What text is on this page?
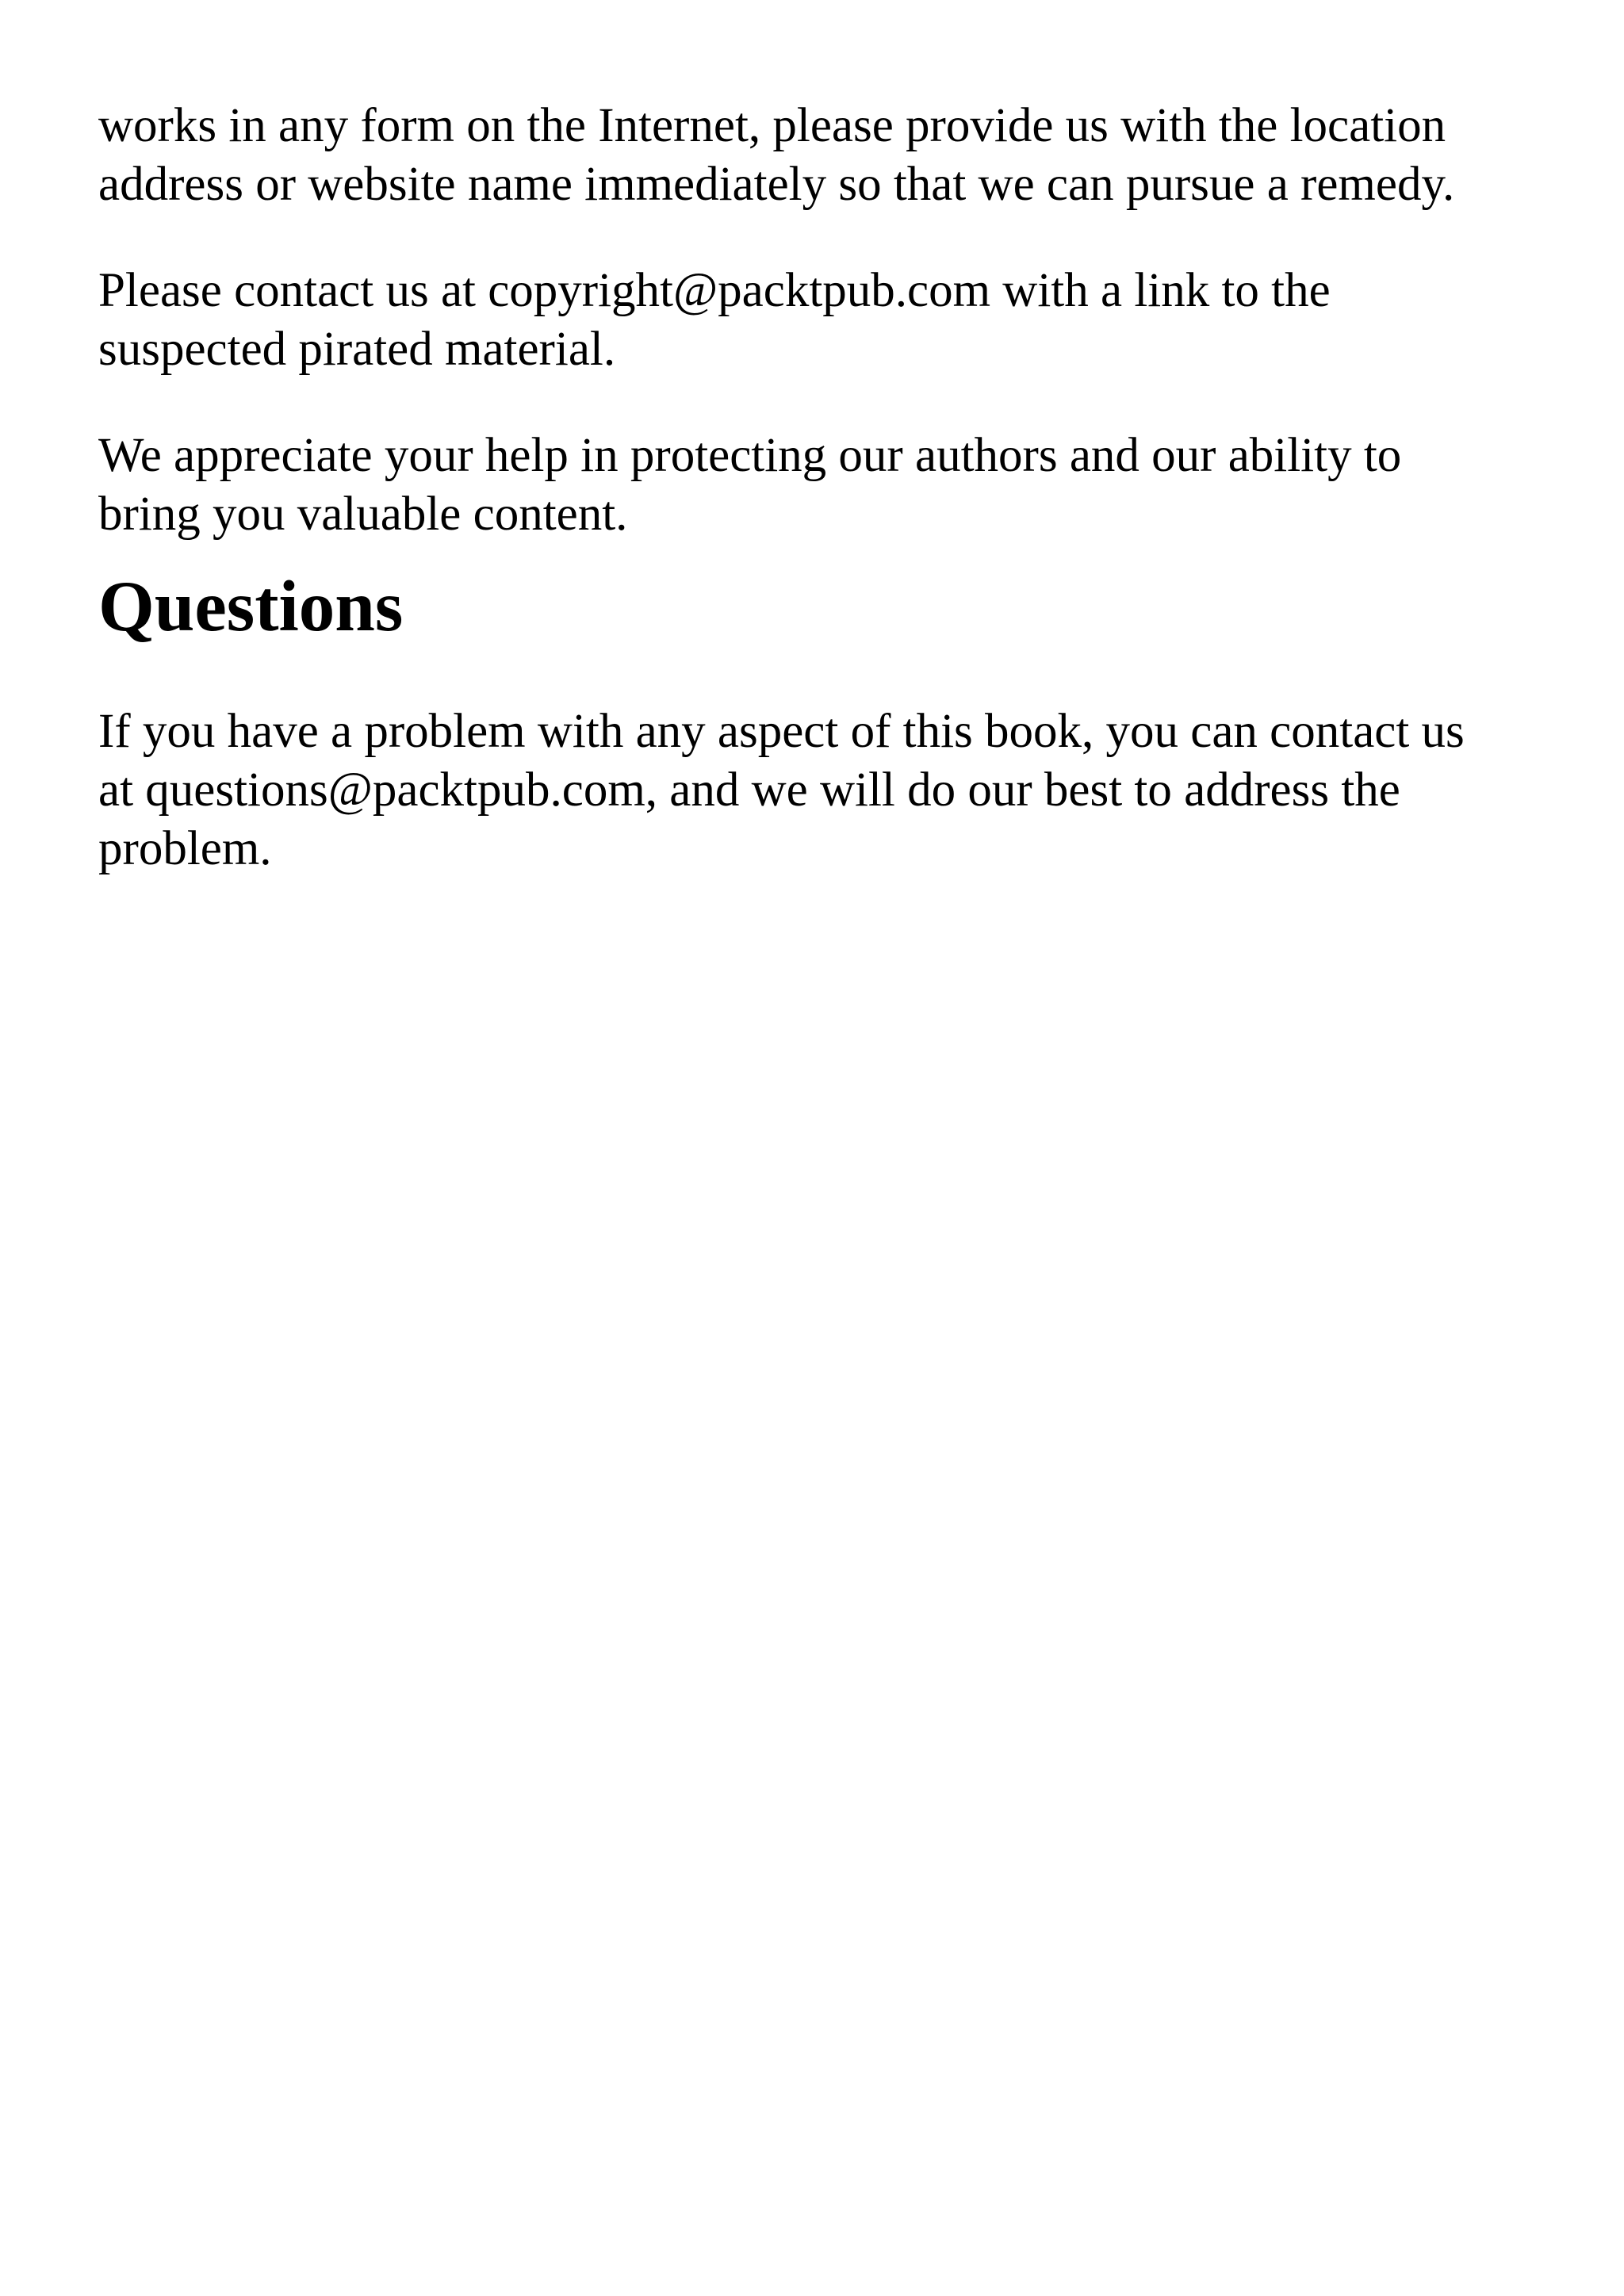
works in any form on the Internet, please provide us with the location
address or website name immediately so that we can pursue a remedy.

Please contact us at copyright@packtpub.com with a link to the
suspected pirated material.

We appreciate your help in protecting our authors and our ability to
bring you valuable content.

Questions

If you have a problem with any aspect of this book, you can contact us
at questions@packtpub.com, and we will do our best to address the
problem.
